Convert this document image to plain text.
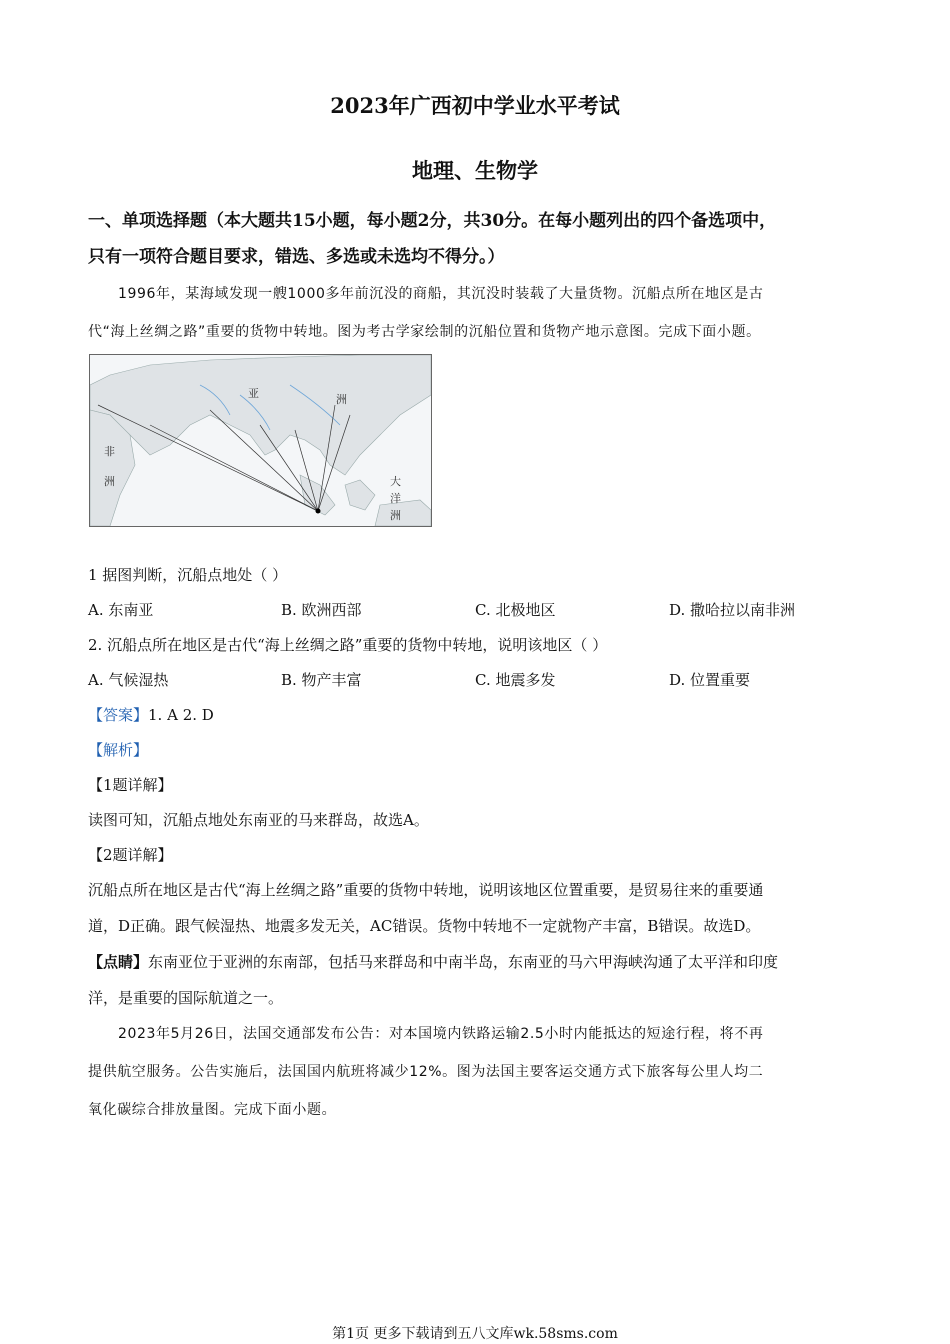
2023年广西初中学业水平考试
地理、生物学
一、单项选择题（本大题共15小题，每小题2分，共30分。在每小题列出的四个备选项中，
只有一项符合题目要求，错选、多选或未选均不得分。）
1996年，某海域发现一艘1000多年前沉没的商船，其沉没时装载了大量货物。沉船点所在地区是古
代“海上丝绸之路”重要的货物中转地。图为考古学家绘制的沉船位置和货物产地示意图。完成下面小题。
亚	洲
非
洲	大
洋
洲
1 据图判断，沉船点地处（ ）
A. 东南亚	B. 欧洲西部	C. 北极地区	D. 撒哈拉以南非洲
2. 沉船点所在地区是古代“海上丝绸之路”重要的货物中转地，说明该地区（ ）
A. 气候湿热	B. 物产丰富	C. 地震多发	D. 位置重要
【答案】1. A 2. D
【解析】
【1题详解】
读图可知，沉船点地处东南亚的马来群岛，故选A。
【2题详解】
沉船点所在地区是古代“海上丝绸之路”重要的货物中转地，说明该地区位置重要，是贸易往来的重要通
道，D正确。跟气候湿热、地震多发无关，AC错误。货物中转地不一定就物产丰富，B错误。故选D。
【点睛】东南亚位于亚洲的东南部，包括马来群岛和中南半岛，东南亚的马六甲海峡沟通了太平洋和印度
洋，是重要的国际航道之一。
2023年5月26日，法国交通部发布公告：对本国境内铁路运输2.5小时内能抵达的短途行程，将不再
提供航空服务。公告实施后，法国国内航班将减少12%。图为法国主要客运交通方式下旅客每公里人均二
氧化碳综合排放量图。完成下面小题。
第1页 更多下载请到五八文库wk.58sms.com
